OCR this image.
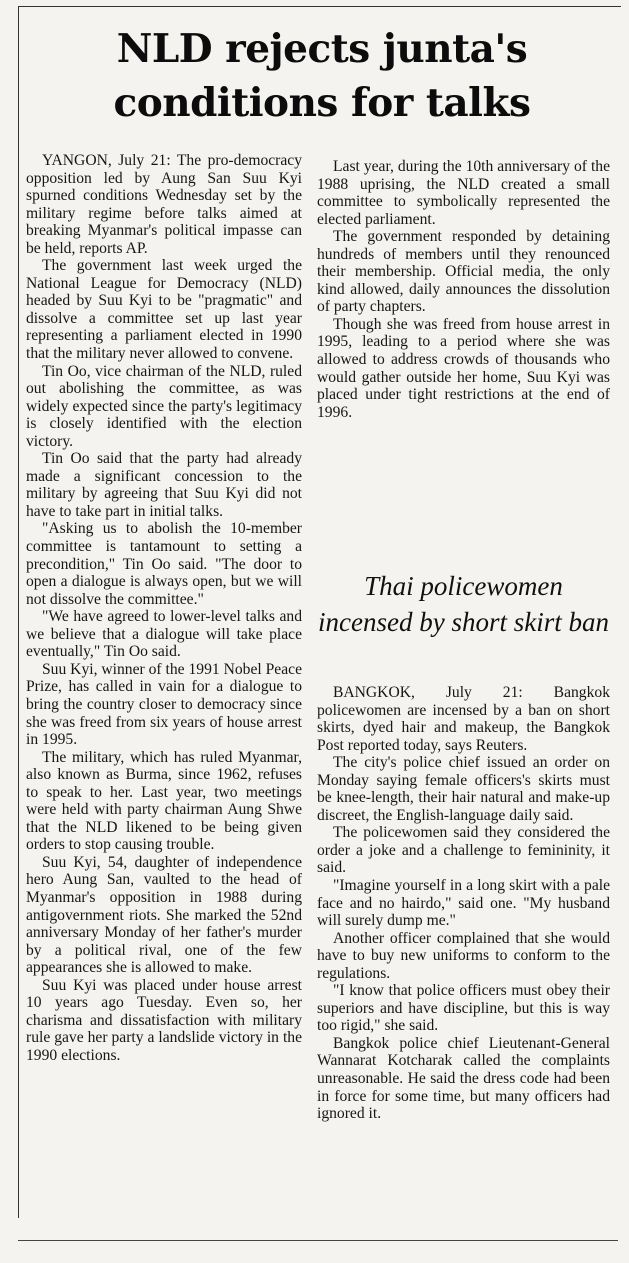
NLD rejects junta's conditions for talks

YANGON, July 21: The pro-democracy opposition led by Aung San Suu Kyi spurned conditions Wednesday set by the military regime before talks aimed at breaking Myanmar's political impasse can be held, reports AP.

The government last week urged the National League for Democracy (NLD) headed by Suu Kyi to be "pragmatic" and dissolve a committee set up last year representing a parliament elected in 1990 that the military never allowed to convene.

Tin Oo, vice chairman of the NLD, ruled out abolishing the committee, as was widely expected since the party's legitimacy is closely identified with the election victory.

Tin Oo said that the party had already made a significant concession to the military by agreeing that Suu Kyi did not have to take part in initial talks.

"Asking us to abolish the 10-member committee is tantamount to setting a precondition," Tin Oo said. "The door to open a dialogue is always open, but we will not dissolve the committee."

"We have agreed to lower-level talks and we believe that a dialogue will take place eventually," Tin Oo said.

Suu Kyi, winner of the 1991 Nobel Peace Prize, has called in vain for a dialogue to bring the country closer to democracy since she was freed from six years of house arrest in 1995.

The military, which has ruled Myanmar, also known as Burma, since 1962, refuses to speak to her. Last year, two meetings were held with party chairman Aung Shwe that the NLD likened to be being given orders to stop causing trouble.

Suu Kyi, 54, daughter of independence hero Aung San, vaulted to the head of Myanmar's opposition in 1988 during antigovernment riots. She marked the 52nd anniversary Monday of her father's murder by a political rival, one of the few appearances she is allowed to make.

Suu Kyi was placed under house arrest 10 years ago Tuesday. Even so, her charisma and dissatisfaction with military rule gave her party a landslide victory in the 1990 elections.

Last year, during the 10th anniversary of the 1988 uprising, the NLD created a small committee to symbolically represented the elected parliament.

The government responded by detaining hundreds of members until they renounced their membership. Official media, the only kind allowed, daily announces the dissolution of party chapters.

Though she was freed from house arrest in 1995, leading to a period where she was allowed to address crowds of thousands who would gather outside her home, Suu Kyi was placed under tight restrictions at the end of 1996.

Thai policewomen incensed by short skirt ban

BANGKOK, July 21: Bangkok policewomen are incensed by a ban on short skirts, dyed hair and makeup, the Bangkok Post reported today, says Reuters.

The city's police chief issued an order on Monday saying female officers's skirts must be knee-length, their hair natural and make-up discreet, the English-language daily said.

The policewomen said they considered the order a joke and a challenge to femininity, it said.

"Imagine yourself in a long skirt with a pale face and no hairdo," said one. "My husband will surely dump me."

Another officer complained that she would have to buy new uniforms to conform to the regulations.

"I know that police officers must obey their superiors and have discipline, but this is way too rigid," she said.

Bangkok police chief Lieutenant-General Wannarat Kotcharak called the complaints unreasonable. He said the dress code had been in force for some time, but many officers had ignored it.
